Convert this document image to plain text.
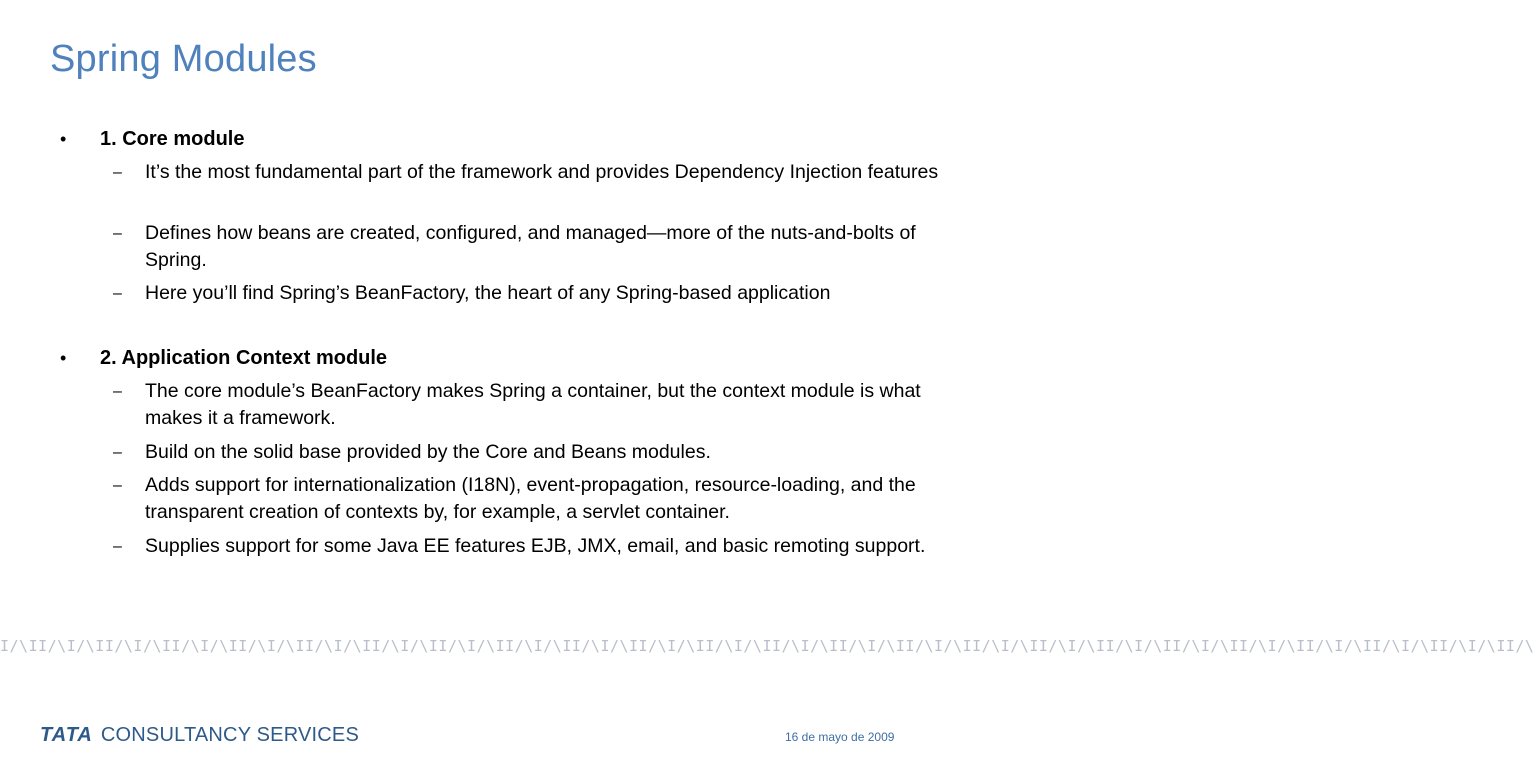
Spring Modules
• 1. Core module
– It’s the most fundamental part of the framework and provides Dependency Injection features
– Defines how beans are created, configured, and managed—more of the nuts-and-bolts of Spring.
– Here you’ll find Spring’s BeanFactory, the heart of any Spring-based application
• 2. Application Context module
– The core module’s BeanFactory makes Spring a container, but the context module is what makes it a framework.
– Build on the solid base provided by the Core and Beans modules.
– Adds support for internationalization (I18N), event-propagation, resource-loading, and the transparent creation of contexts by, for example, a servlet container.
– Supplies support for some Java EE features EJB, JMX, email, and basic remoting support.
I/\II/\I/\II/\I/\II/\I/\II/\I/\II/\I/\II/\I/\II/\I/\II/\I/\II/\I/\II/\I/\II/\I/\II/\I/\II/\I/\II/\I/\II/\I/\II/\I/\II/\I/\II/\I/\II/\I/\II/\I/\II/\I/\II/\I/\II/\
TATA CONSULTANCY SERVICES	16 de mayo de 2009
